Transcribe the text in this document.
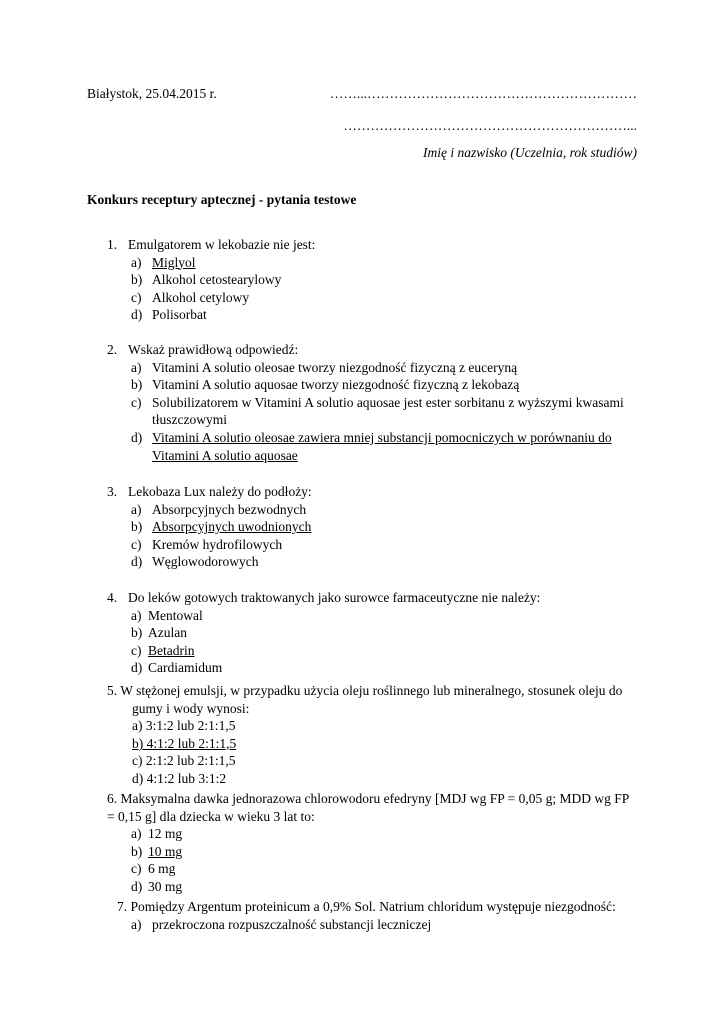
Białystok, 25.04.2015 r.	……...……………………………………………………
………………………………………………………...
Imię i nazwisko (Uczelnia, rok studiów)
Konkurs receptury aptecznej - pytania testowe
1. Emulgatorem w lekobazie nie jest:
a) Miglyol
b) Alkohol cetostearylowy
c) Alkohol cetylowy
d) Polisorbat
2. Wskaż prawidłową odpowiedź:
a) Vitamini A solutio oleosae tworzy niezgodność fizyczną z euceryną
b) Vitamini A solutio aquosae tworzy niezgodność fizyczną z lekobazą
c) Solubilizatorem w Vitamini A solutio aquosae jest ester sorbitanu z wyższymi kwasami tłuszczowymi
d) Vitamini A solutio oleosae zawiera mniej substancji pomocniczych w porównaniu do Vitamini A solutio aquosae
3. Lekobaza Lux należy do podłoży:
a) Absorpcyjnych bezwodnych
b) Absorpcyjnych uwodnionych
c) Kremów hydrofilowych
d) Węglowodorowych
4. Do leków gotowych traktowanych jako surowce farmaceutyczne nie należy:
a) Mentowal
b) Azulan
c) Betadrin
d) Cardiamidum
5. W stężonej emulsji, w przypadku użycia oleju roślinnego lub mineralnego, stosunek oleju do
gumy i wody wynosi:
a) 3:1:2 lub 2:1:1,5
b) 4:1:2 lub 2:1:1,5
c) 2:1:2 lub 2:1:1,5
d) 4:1:2 lub 3:1:2
6. Maksymalna dawka jednorazowa chlorowodoru efedryny [MDJ wg FP = 0,05 g; MDD wg FP
= 0,15 g] dla dziecka w wieku 3 lat to:
a) 12 mg
b) 10 mg
c) 6 mg
d) 30 mg
7. Pomiędzy Argentum proteinicum a 0,9% Sol. Natrium chloridum występuje niezgodność:
a) przekroczona rozpuszczalność substancji leczniczej
